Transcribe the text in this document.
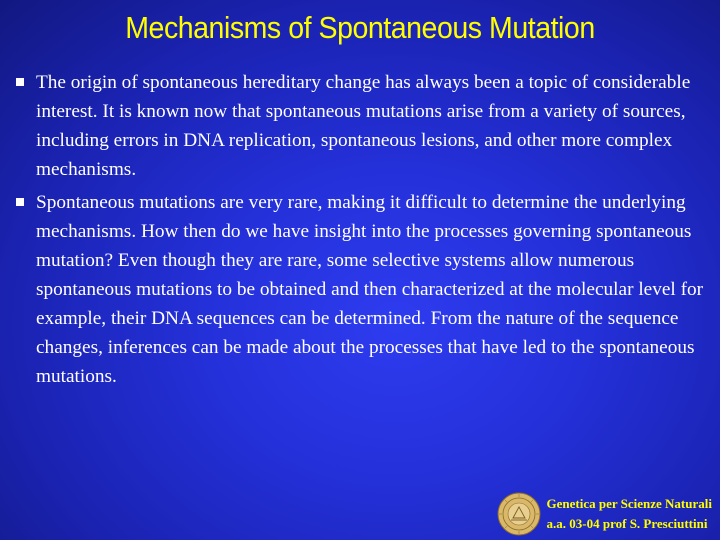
Mechanisms of Spontaneous Mutation
The origin of spontaneous hereditary change has always been a topic of considerable interest. It is known now that spontaneous mutations arise from a variety of sources, including errors in DNA replication, spontaneous lesions, and other more complex mechanisms.
Spontaneous mutations are very rare, making it difficult to determine the underlying mechanisms. How then do we have insight into the processes governing spontaneous mutation? Even though they are rare, some selective systems allow numerous spontaneous mutations to be obtained and then characterized at the molecular level for example, their DNA sequences can be determined. From the nature of the sequence changes, inferences can be made about the processes that have led to the spontaneous mutations.
Genetica per Scienze Naturali
a.a. 03-04 prof S. Presciuttini
